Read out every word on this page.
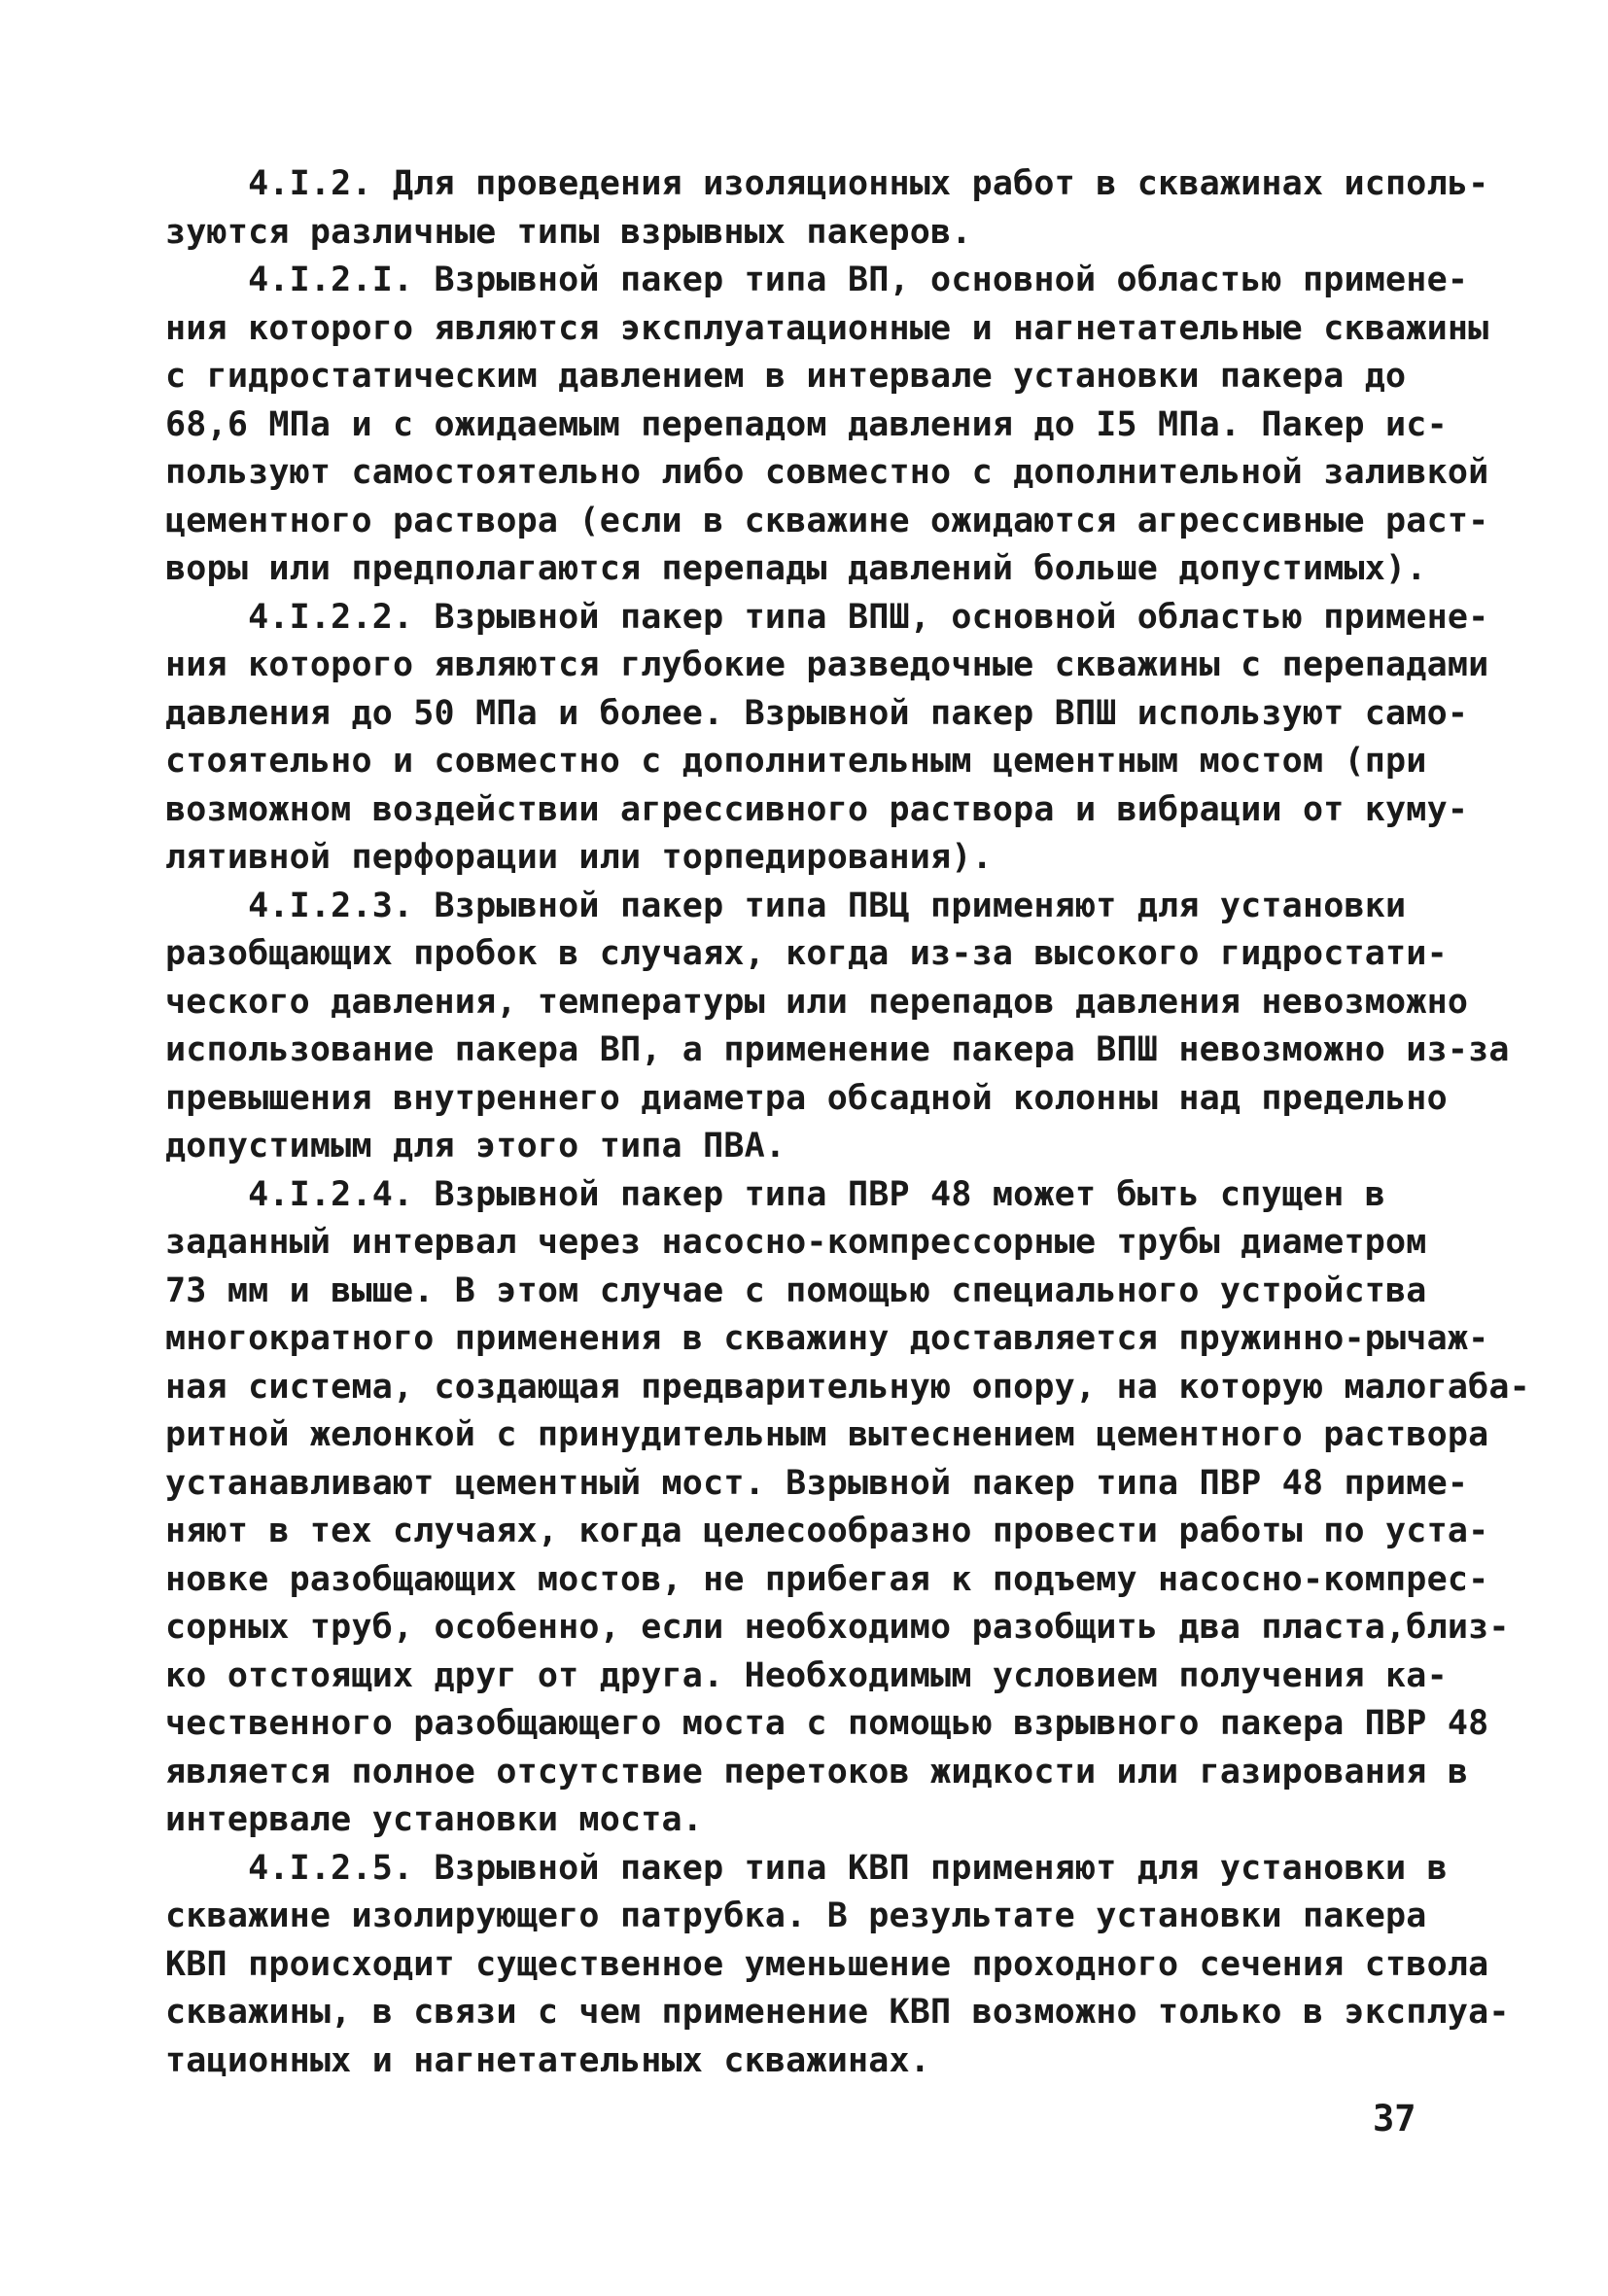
4.I.2. Для проведения изоляционных работ в скважинах исполь-
зуются различные типы взрывных пакеров.
4.I.2.I. Взрывной пакер типа ВП, основной областью примене-
ния которого являются эксплуатационные и нагнетательные скважины
с гидростатическим давлением в интервале установки пакера до
68,6 МПа и с ожидаемым перепадом давления до I5 МПа. Пакер ис-
пользуют самостоятельно либо совместно с дополнительной заливкой
цементного раствора (если в скважине ожидаются агрессивные раст-
воры или предполагаются перепады давлений больше допустимых).
4.I.2.2. Взрывной пакер типа ВПШ, основной областью примене-
ния которого являются глубокие разведочные скважины с перепадами
давления до 50 МПа и более. Взрывной пакер ВПШ используют само-
стоятельно и совместно с дополнительным цементным мостом (при
возможном воздействии агрессивного раствора и вибрации от куму-
лятивной перфорации или торпедирования).
4.I.2.3. Взрывной пакер типа ПВЦ применяют для установки
разобщающих пробок в случаях, когда из-за высокого гидростати-
ческого давления, температуры или перепадов давления невозможно
использование пакера ВП, а применение пакера ВПШ невозможно из-за
превышения внутреннего диаметра обсадной колонны над предельно
допустимым для этого типа ПВА.
4.I.2.4. Взрывной пакер типа ПВР 48 может быть спущен в
заданный интервал через насосно-компрессорные трубы диаметром
73 мм и выше. В этом случае с помощью специального устройства
многократного применения в скважину доставляется пружинно-рычаж-
ная система, создающая предварительную опору, на которую малогаба-
ритной желонкой с принудительным вытеснением цементного раствора
устанавливают цементный мост. Взрывной пакер типа ПВР 48 приме-
няют в тех случаях, когда целесообразно провести работы по уста-
новке разобщающих мостов, не прибегая к подъему насосно-компрес-
сорных труб, особенно, если необходимо разобщить два пласта,близ-
ко отстоящих друг от друга. Необходимым условием получения ка-
чественного разобщающего моста с помощью взрывного пакера ПВР 48
является полное отсутствие перетоков жидкости или газирования в
интервале установки моста.
4.I.2.5. Взрывной пакер типа КВП применяют для установки в
скважине изолирующего патрубка. В результате установки пакера
КВП происходит существенное уменьшение проходного сечения ствола
скважины, в связи с чем применение КВП возможно только в эксплуа-
тационных и нагнетательных скважинах.
37
